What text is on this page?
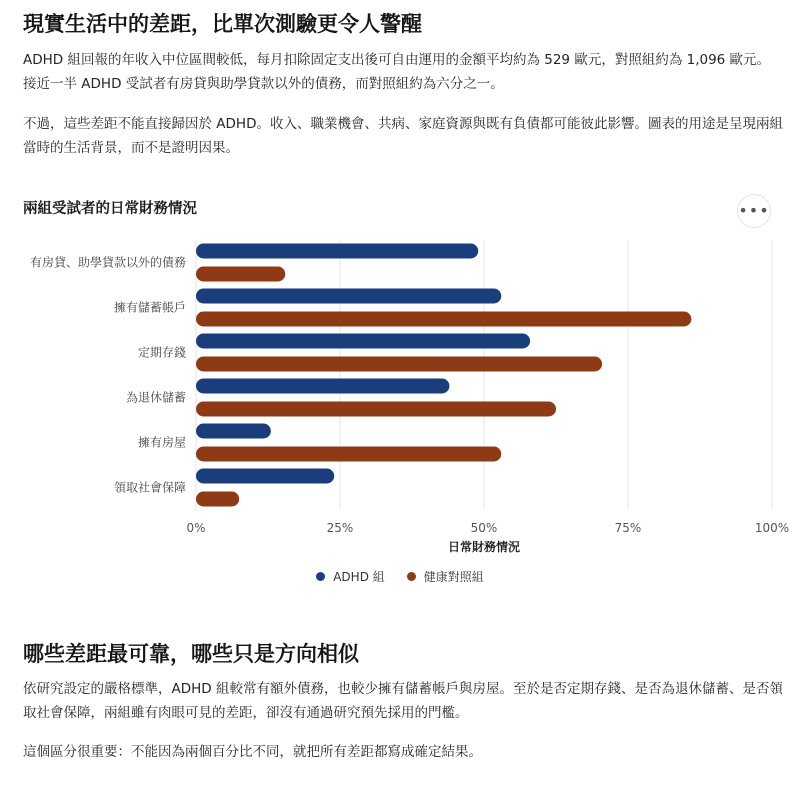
現實生活中的差距，比單次測驗更令人警醒

ADHD 組回報的年收入中位區間較低，每月扣除固定支出後可自由運用的金額平均約為 529 歐元，對照組約為 1,096 歐元。接近一半 ADHD 受試者有房貸與助學貸款以外的債務，而對照組約為六分之一。

不過，這些差距不能直接歸因於 ADHD。收入、職業機會、共病、家庭資源與既有負債都可能彼此影響。圖表的用途是呈現兩組當時的生活背景，而不是證明因果。

兩組受試者的日常財務情況	•••
0%	25%	50%	75%	100%
有房貸、助學貸款以外的債務
擁有儲蓄帳戶
定期存錢
為退休儲蓄
擁有房屋
領取社會保障
日常財務情況
ADHD 組	健康對照組
哪些差距最可靠，哪些只是方向相似

依研究設定的嚴格標準，ADHD 組較常有額外債務，也較少擁有儲蓄帳戶與房屋。至於是否定期存錢、是否為退休儲蓄、是否領取社會保障，兩組雖有肉眼可見的差距，卻沒有通過研究預先採用的門檻。

這個區分很重要：不能因為兩個百分比不同，就把所有差距都寫成確定結果。
